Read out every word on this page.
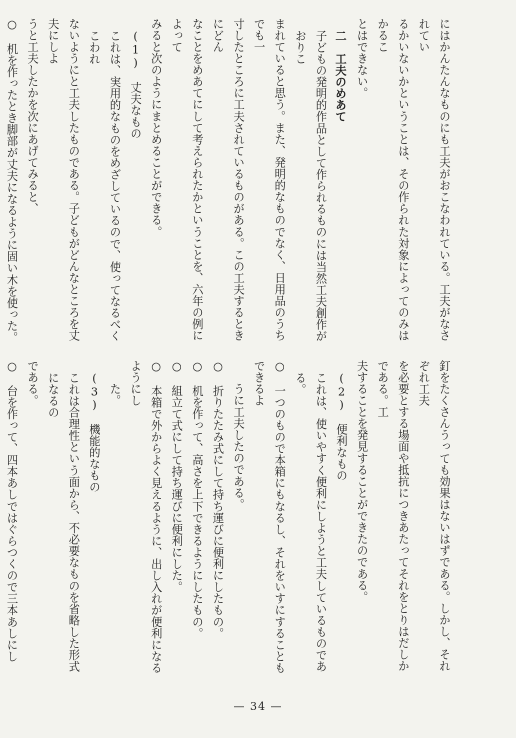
にはかんたんなものにも工夫がおこなわれている。工夫がなされてい

るかいないかということは、その作られた対象によってのみはかるこ

とはできない。

二　工夫のめあて

子どもの発明的作品として作られるものには当然工夫創作がおりこ

まれていると思う。また、発明的なものでなく、日用品のうちでも一

寸したところに工夫されているものがある。この工夫するときにどん

なことをめあてにして考えられたかということを、六年の例によって

みると次のようにまとめることができる。

(1)　丈夫なもの

これは、実用的なものをめざしているので、使ってなるべくこわれ

ないようにと工夫したものである。子どもがどんなところを丈夫にしよ

うと工夫したかを次にあげてみると、

○　机を作ったとき脚部が丈夫になるように固い木を使った。

釘をたくさんうっても効果はないはずである。しかし、それぞれ工夫

を必要とする場面や抵抗につきあたってそれをとりはだしかである。工

夫することを発見することができたのである。

(2)　便利なもの

これは、使いやすく便利にしようと工夫しているものである。

○　一つのもので本箱にもなるし、それをいすにすることもできるよ

うに工夫したのである。

○　折りたたみ式にして持ち運びに便利にしたもの。

○　机を作って、高さを上下できるようにしたもの。

○　組立て式にして持ち運びに便利にした。

○　本箱で外からよく見えるように、出し入れが便利になるようにし

た。

(3)　機能的なもの

これは合理性という面から、不必要なものを省略した形式になるの

である。

○　台を作って、四本あしではぐらつくので三本あしにし

— 34 —
